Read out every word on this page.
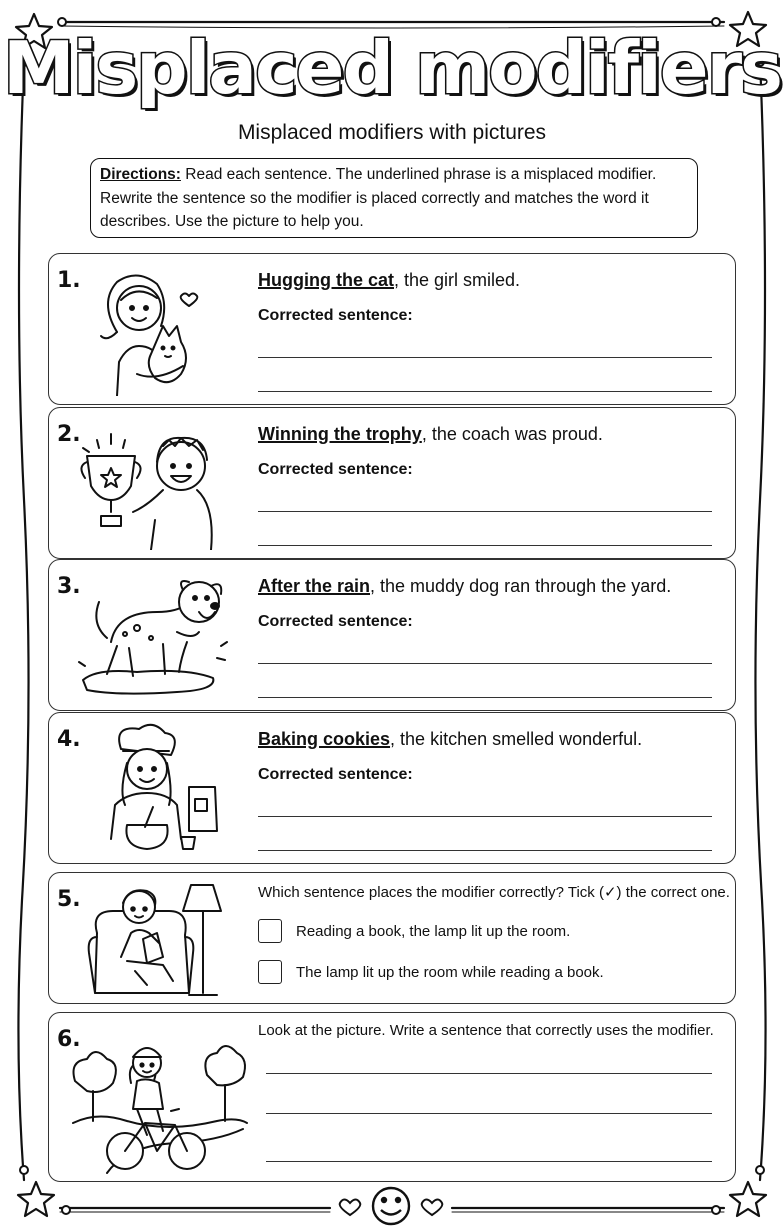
Misplaced modifiers
Misplaced modifiers with pictures
Directions: Read each sentence. The underlined phrase is a misplaced modifier. Rewrite the sentence so the modifier is placed correctly and matches the word it describes. Use the picture to help you.
1.	Hugging the cat, the girl smiled.
Corrected sentence:
2.	Winning the trophy, the coach was proud.
Corrected sentence:
3.	After the rain, the muddy dog ran through the yard.
Corrected sentence:
4.	Baking cookies, the kitchen smelled wonderful.
Corrected sentence:
5.	Which sentence places the modifier correctly? Tick (✓) the correct one.
Reading a book, the lamp lit up the room.
The lamp lit up the room while reading a book.
6.	Look at the picture. Write a sentence that correctly uses the modifier.
